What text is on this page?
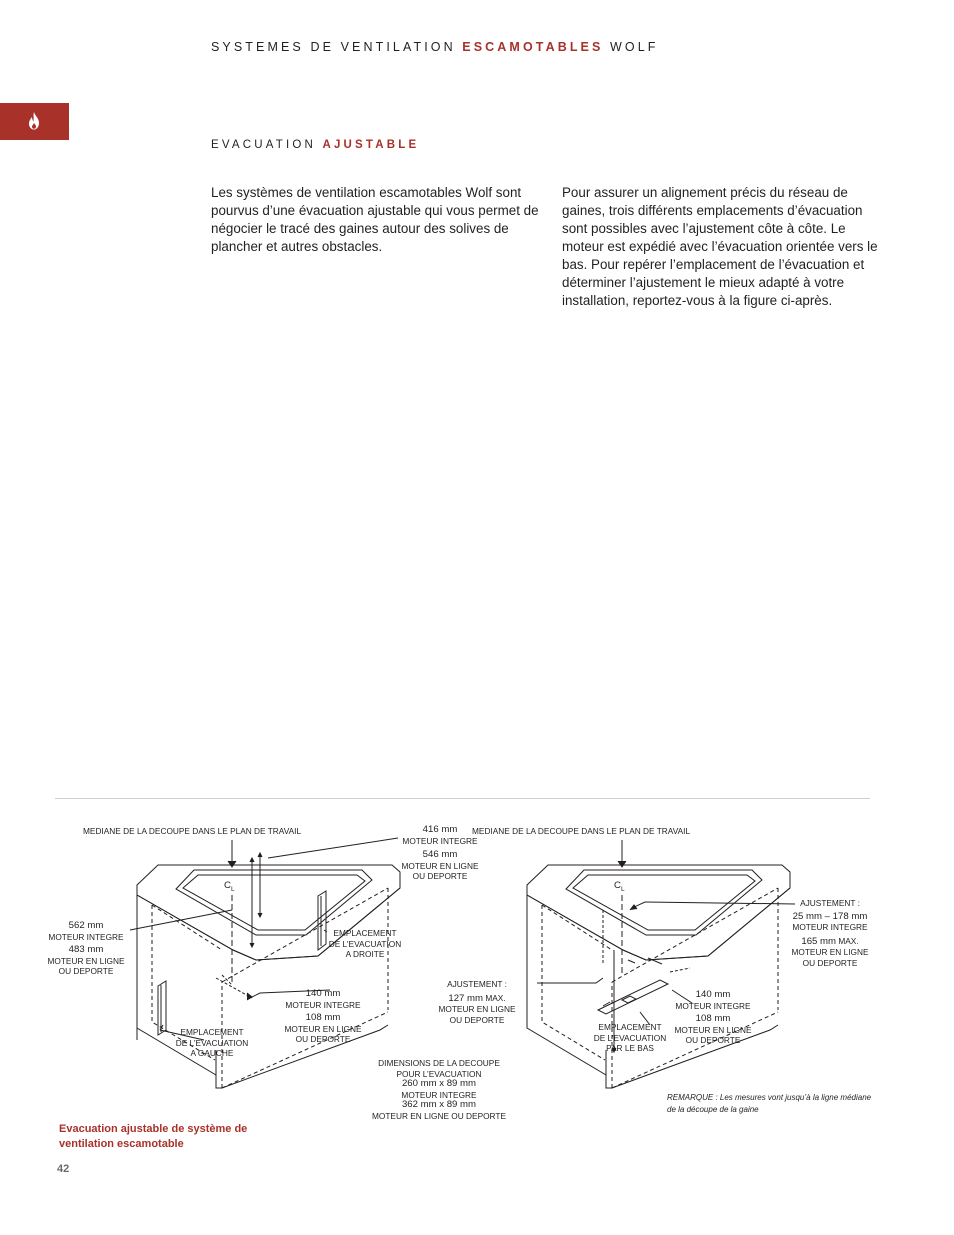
SYSTEMES DE VENTILATION ESCAMOTABLES WOLF
EVACUATION AJUSTABLE

Les systèmes de ventilation escamotables Wolf sont pourvus d’une évacuation ajustable qui vous permet de négocier le tracé des gaines autour des solives de plancher et autres obstacles.

Pour assurer un alignement précis du réseau de gaines, trois différents emplacements d’évacuation sont possibles avec l’ajustement côte à côte. Le moteur est expédié avec l’évacuation orientée vers le bas. Pour repérer l’emplacement de l’évacuation et déterminer l’ajustement le mieux adapté à votre installation, reportez-vous à la figure ci-après.

MEDIANE DE LA DECOUPE DANS LE PLAN DE TRAVAIL
$C_L$
416 mm
MOTEUR INTEGRE
546 mm
MOTEUR EN LIGNE
OU DEPORTE
562 mm
MOTEUR INTEGRE
483 mm
MOTEUR EN LIGNE
OU DEPORTE
EMPLACEMENT
DE L’EVACUATION
A DROITE
EMPLACEMENT
DE L’EVACUATION
A GAUCHE
140 mm
MOTEUR INTEGRE
108 mm
MOTEUR EN LIGNE
OU DEPORTE
DIMENSIONS DE LA DECOUPE
POUR L’EVACUATION
260 mm x 89 mm
MOTEUR INTEGRE
362 mm x 89 mm
MOTEUR EN LIGNE OU DEPORTE
MEDIANE DE LA DECOUPE DANS LE PLAN DE TRAVAIL
$C_L$
AJUSTEMENT :
25 mm – 178 mm
MOTEUR INTEGRE
165 mm MAX.
MOTEUR EN LIGNE
OU DEPORTE
AJUSTEMENT :
127 mm MAX.
MOTEUR EN LIGNE
OU DEPORTE
EMPLACEMENT
DE L’EVACUATION
PAR LE BAS
140 mm
MOTEUR INTEGRE
108 mm
MOTEUR EN LIGNE
OU DEPORTE
REMARQUE : Les mesures vont jusqu’à la ligne médiane
de la découpe de la gaine
Evacuation ajustable de système de
ventilation escamotable
42
